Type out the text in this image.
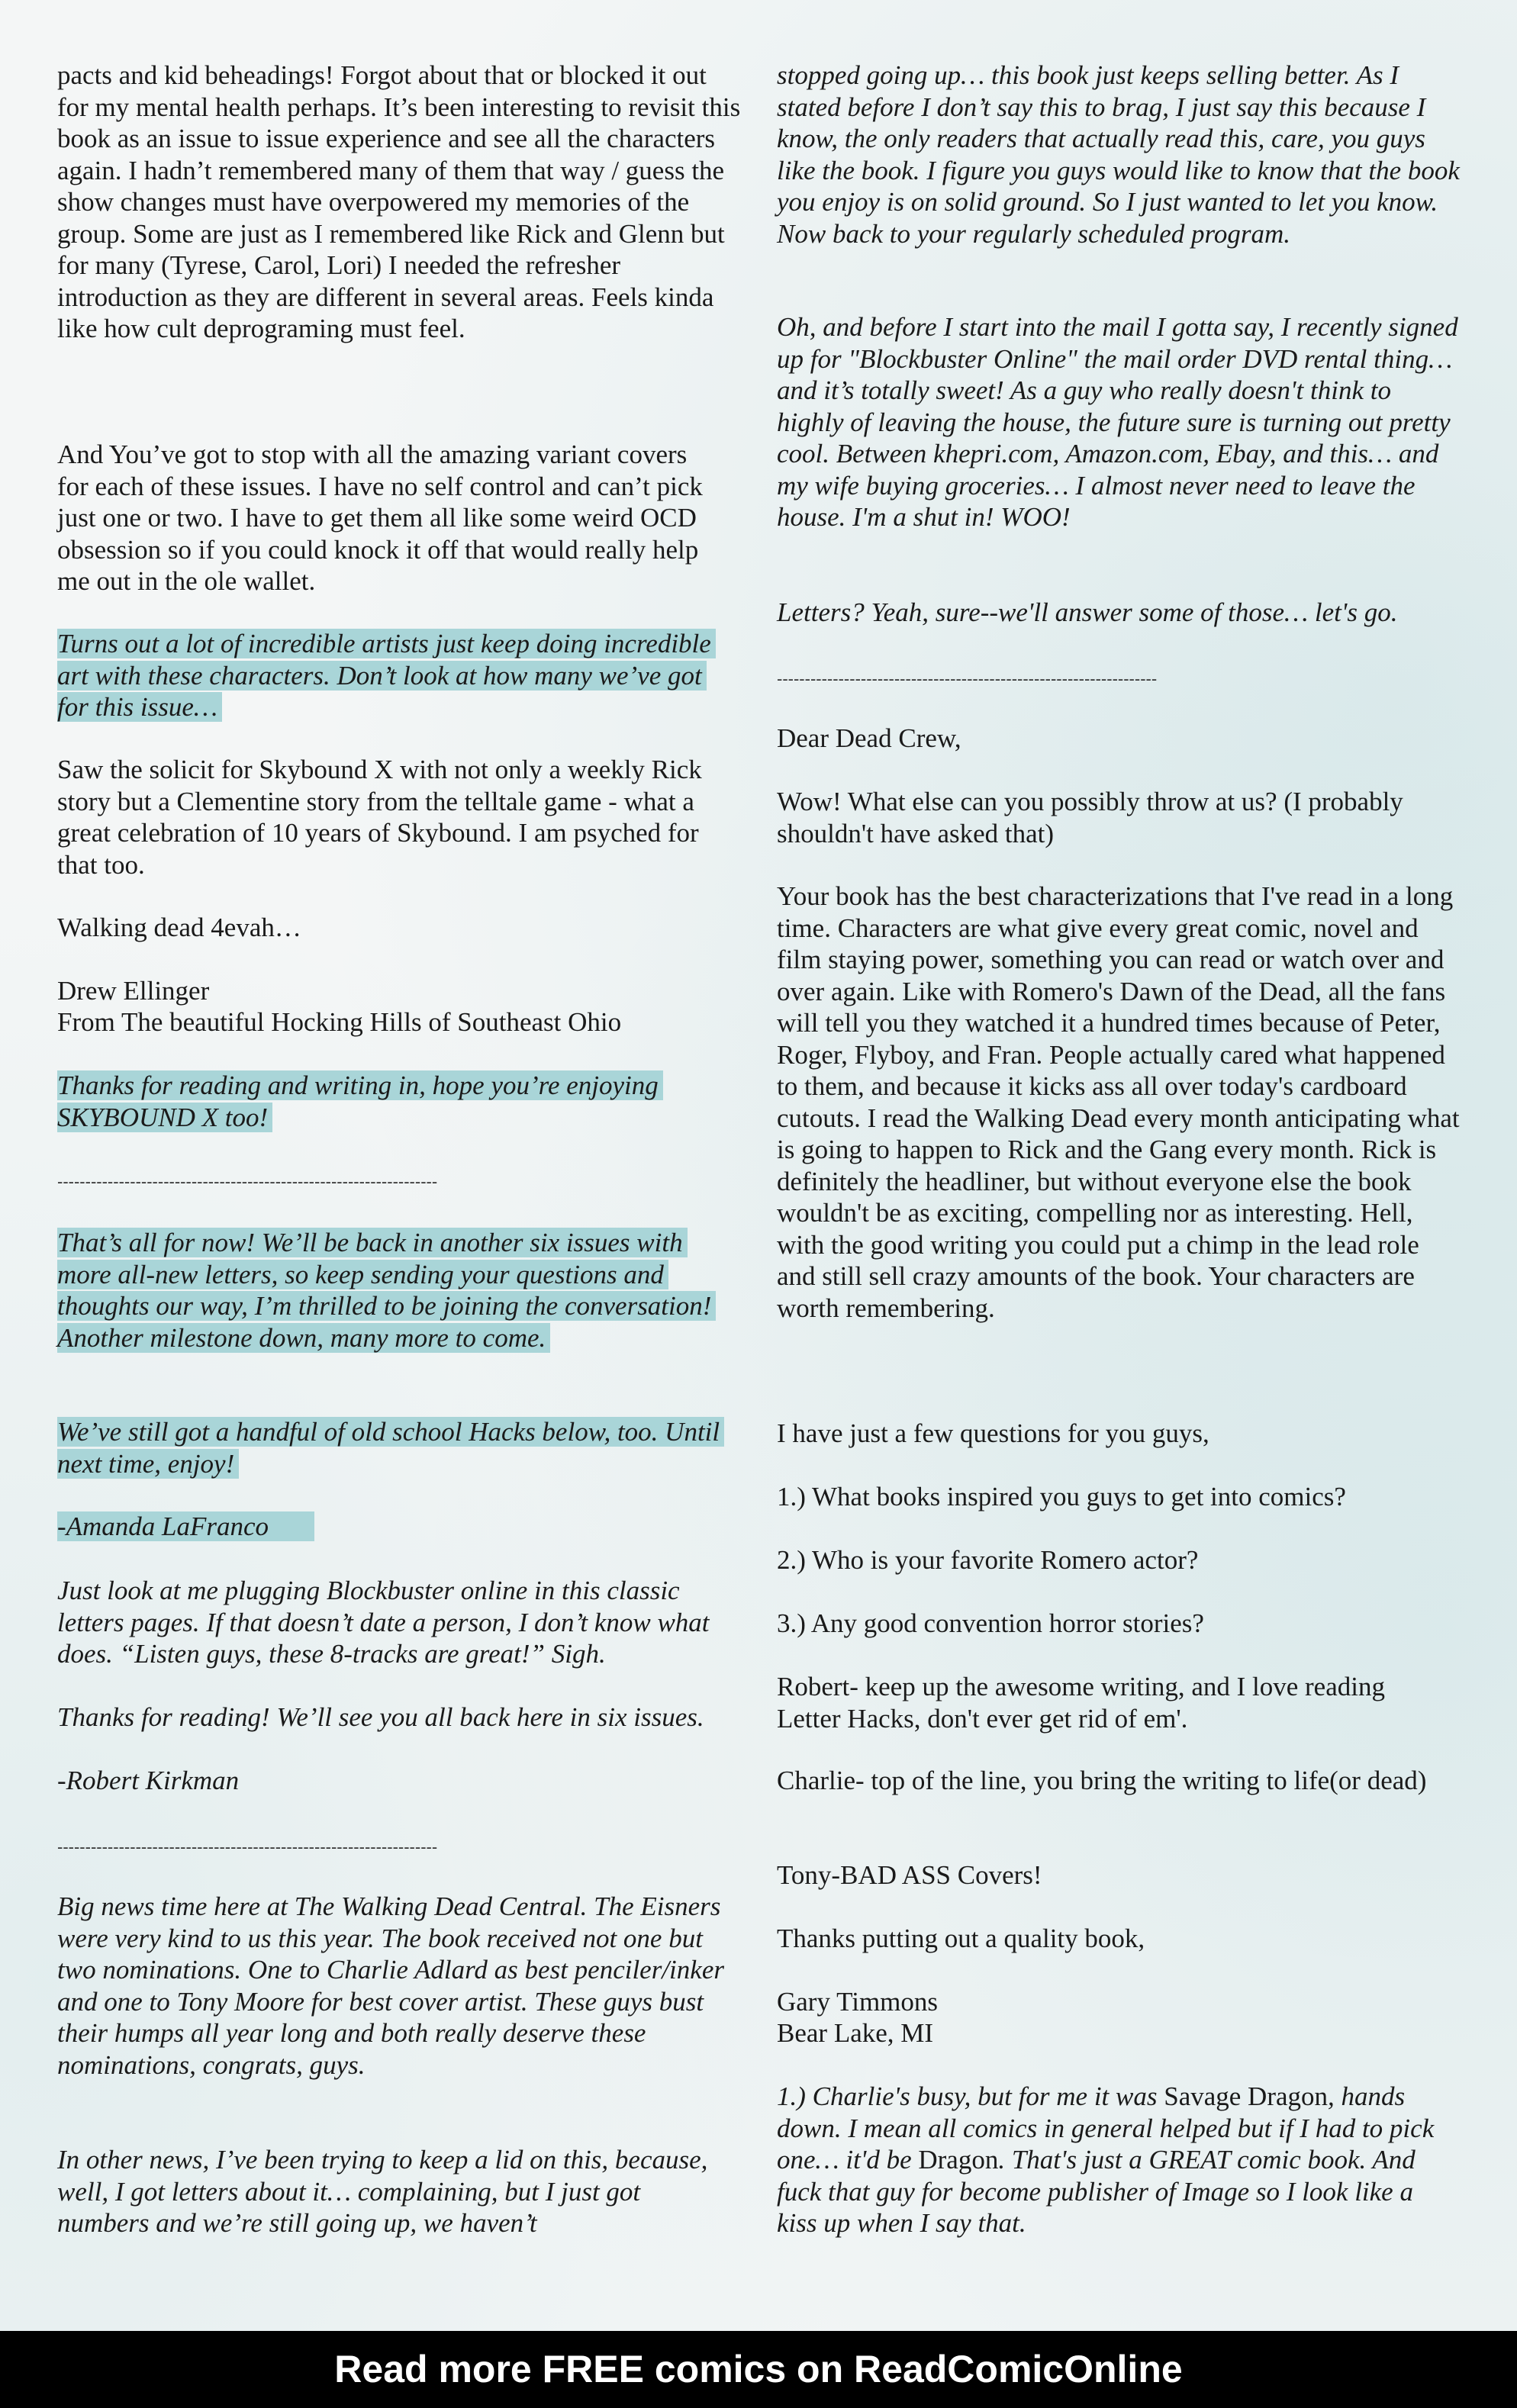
pacts and kid beheadings! Forgot about that or blocked it out for my mental health perhaps. It’s been interesting to revisit this book as an issue to issue experience and see all the characters again. I hadn’t remembered many of them that way / guess the show changes must have overpowered my memories of the group. Some are just as I remembered like Rick and Glenn but for many (Tyrese, Carol, Lori) I needed the refresher introduction as they are different in several areas. Feels kinda like how cult deprograming must feel.

And You’ve got to stop with all the amazing variant covers for each of these issues. I have no self control and can’t pick just one or two. I have to get them all like some weird OCD obsession so if you could knock it off that would really help me out in the ole wallet.

Turns out a lot of incredible artists just keep doing incredible art with these characters. Don’t look at how many we’ve got for this issue…

Saw the solicit for Skybound X with not only a weekly Rick story but a Clementine story from the telltale game - what a great celebration of 10 years of Skybound. I am psyched for that too.

Walking dead 4evah…

Drew Ellinger

From The beautiful Hocking Hills of Southeast Ohio

Thanks for reading and writing in, hope you’re enjoying SKYBOUND X too!

--------------------------------------------------------------------

That’s all for now! We’ll be back in another six issues with more all-new letters, so keep sending your questions and thoughts our way, I’m thrilled to be joining the conversation! Another milestone down, many more to come.

We’ve still got a handful of old school Hacks below, too. Until next time, enjoy!

-Amanda LaFranco

Just look at me plugging Blockbuster online in this classic letters pages. If that doesn’t date a person, I don’t know what does. “Listen guys, these 8-tracks are great!” Sigh.

Thanks for reading! We’ll see you all back here in six issues.

-Robert Kirkman

--------------------------------------------------------------------

Big news time here at The Walking Dead Central. The Eisners were very kind to us this year. The book received not one but two nominations. One to Charlie Adlard as best penciler/inker and one to Tony Moore for best cover artist. These guys bust their humps all year long and both really deserve these nominations, congrats, guys.

In other news, I’ve been trying to keep a lid on this, because, well, I got letters about it… complaining, but I just got numbers and we’re still going up, we haven’t

stopped going up… this book just keeps selling better. As I stated before I don’t say this to brag, I just say this because I know, the only readers that actually read this, care, you guys like the book. I figure you guys would like to know that the book you enjoy is on solid ground. So I just wanted to let you know. Now back to your regularly scheduled program.

Oh, and before I start into the mail I gotta say, I recently signed up for "Blockbuster Online" the mail order DVD rental thing… and it’s totally sweet! As a guy who really doesn't think to highly of leaving the house, the future sure is turning out pretty cool. Between khepri.com, Amazon.com, Ebay, and this… and my wife buying groceries… I almost never need to leave the house. I'm a shut in! WOO!

Letters? Yeah, sure--we'll answer some of those… let's go.

--------------------------------------------------------------------

Dear Dead Crew,

Wow! What else can you possibly throw at us? (I probably shouldn't have asked that)

Your book has the best characterizations that I've read in a long time. Characters are what give every great comic, novel and film staying power, something you can read or watch over and over again. Like with Romero's Dawn of the Dead, all the fans will tell you they watched it a hundred times because of Peter, Roger, Flyboy, and Fran. People actually cared what happened to them, and because it kicks ass all over today's cardboard cutouts. I read the Walking Dead every month anticipating what is going to happen to Rick and the Gang every month. Rick is definitely the headliner, but without everyone else the book wouldn't be as exciting, compelling nor as interesting. Hell, with the good writing you could put a chimp in the lead role and still sell crazy amounts of the book. Your characters are worth remembering.

I have just a few questions for you guys,

1.) What books inspired you guys to get into comics?

2.) Who is your favorite Romero actor?

3.) Any good convention horror stories?

Robert- keep up the awesome writing, and I love reading Letter Hacks, don't ever get rid of em'.

Charlie- top of the line, you bring the writing to life(or dead)

Tony-BAD ASS Covers!

Thanks putting out a quality book,

Gary Timmons

Bear Lake, MI

1.) Charlie's busy, but for me it was Savage Dragon, hands down. I mean all comics in general helped but if I had to pick one… it'd be Dragon. That's just a GREAT comic book. And fuck that guy for become publisher of Image so I look like a kiss up when I say that.

Read more FREE comics on ReadComicOnline
